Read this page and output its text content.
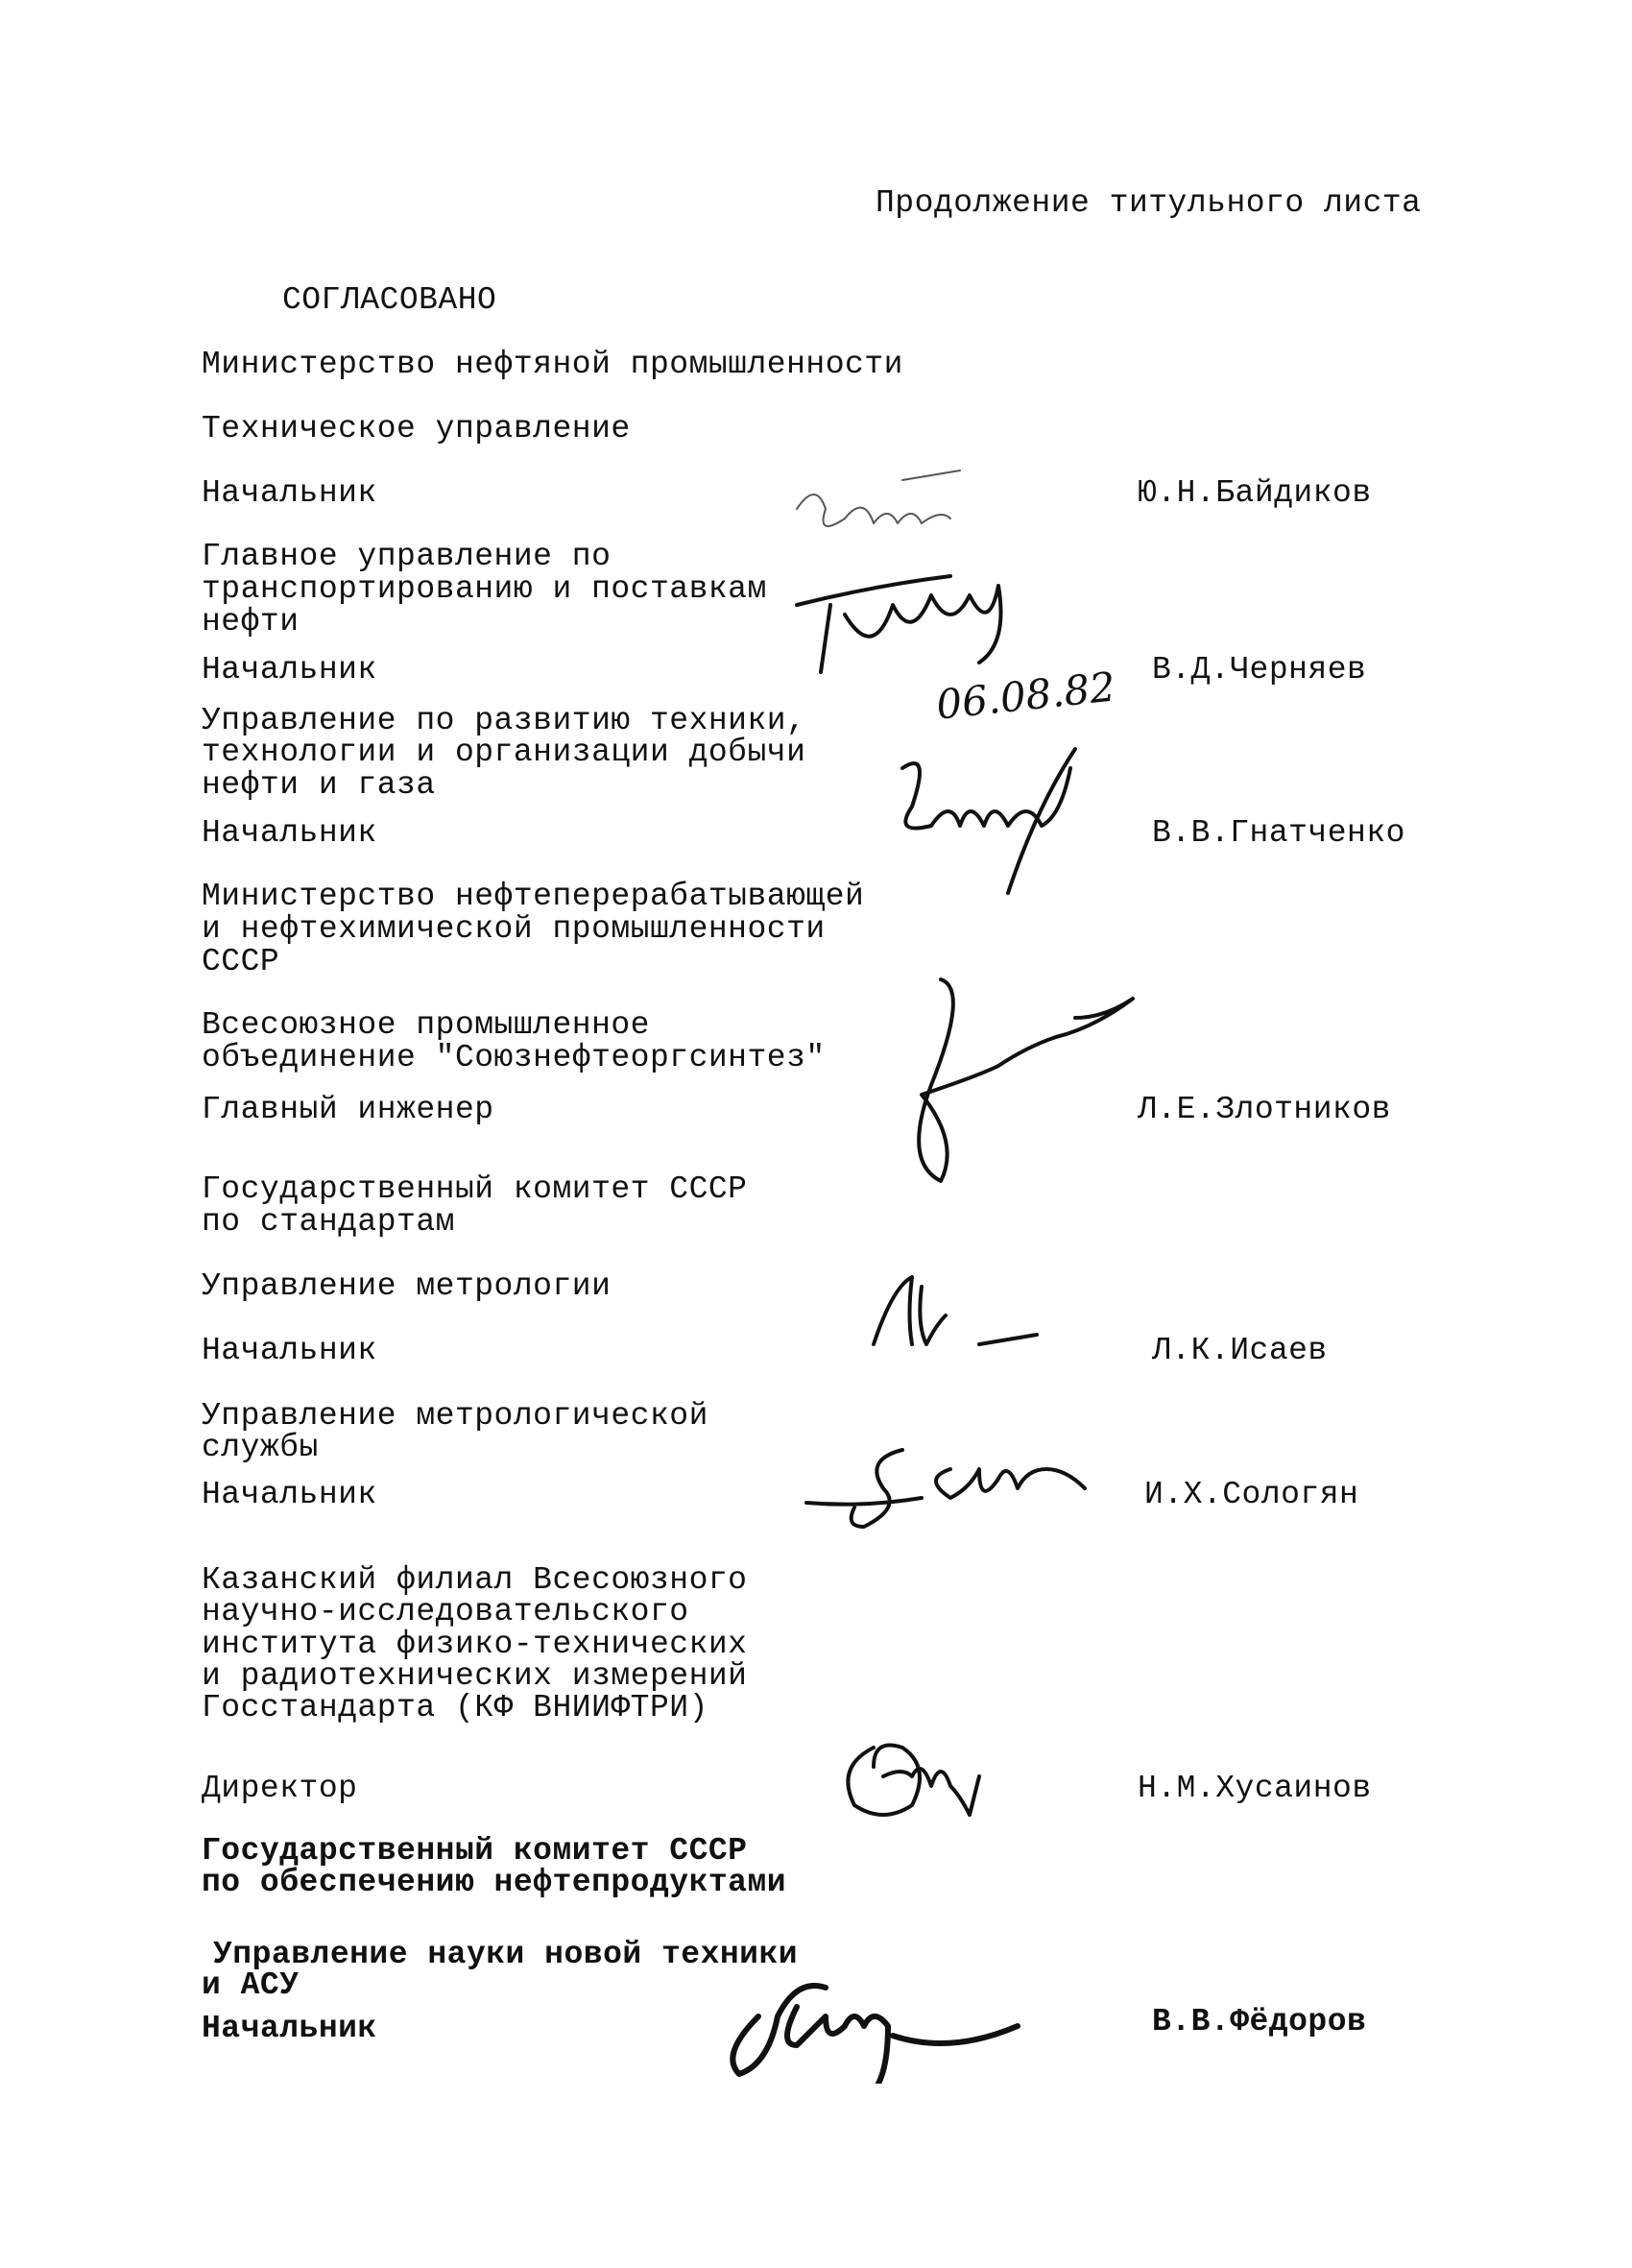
Продолжение титульного листа
СОГЛАСОВАНО
Министерство нефтяной промышленности
Техническое управление
Начальник	Ю.Н.Байдиков
Главное управление по
транспортированию и поставкам
нефти
Начальник	В.Д.Черняев
06.08.82
Управление по развитию техники,
технологии и организации добычи
нефти и газа
Начальник	В.В.Гнатченко
Министерство нефтеперерабатывающей
и нефтехимической промышленности
СССР
Всесоюзное промышленное
объединение "Союзнефтеоргсинтез"
Главный инженер	Л.Е.Злотников
Государственный комитет СССР
по стандартам
Управление метрологии
Начальник	Л.К.Исаев
Управление метрологической
службы
Начальник	И.Х.Сологян
Казанский филиал Всесоюзного
научно-исследовательского
института физико-технических
и радиотехнических измерений
Госстандарта (КФ ВНИИФТРИ)
Директор	Н.М.Хусаинов
Государственный комитет СССР
по обеспечению нефтепродуктами
Управление науки новой техники
и АСУ
Начальник	В.В.Фёдоров
